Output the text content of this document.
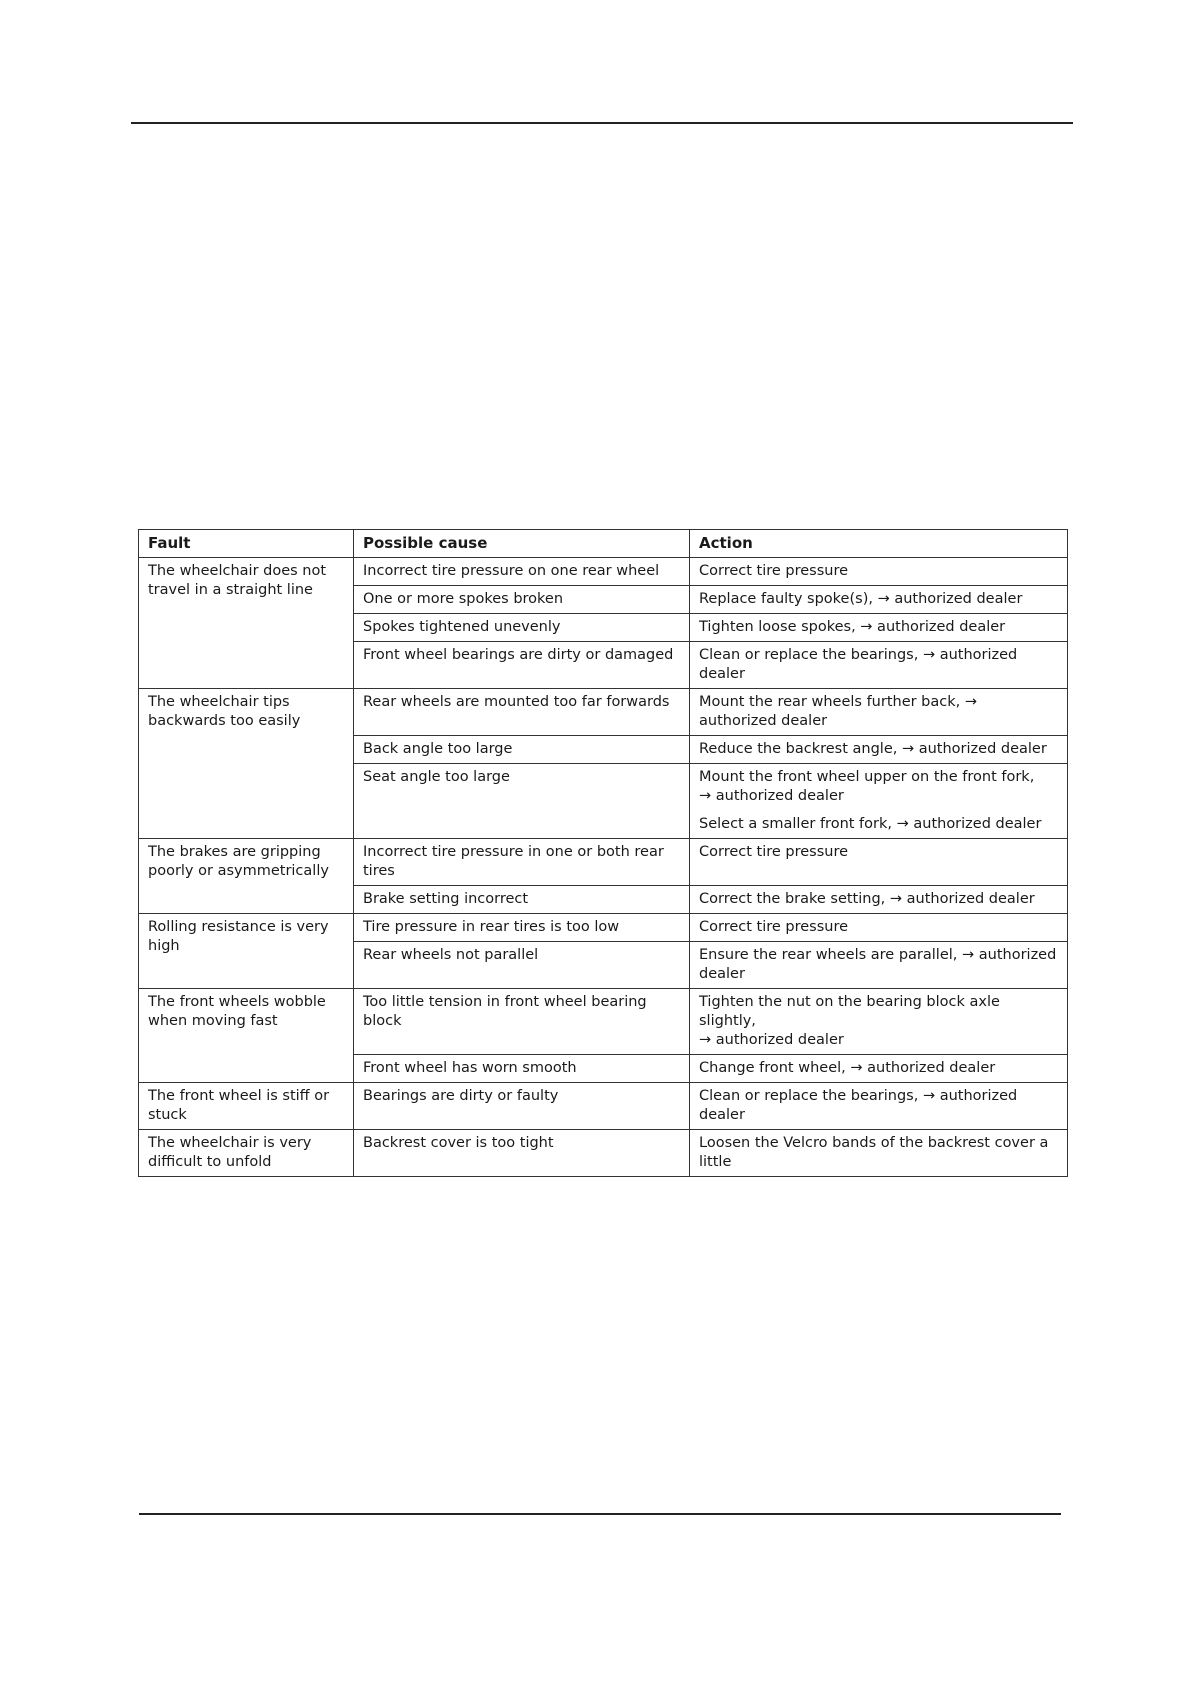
Fault	Possible cause	Action
The wheelchair does not travel in a straight line	Incorrect tire pressure on one rear wheel	Correct tire pressure
	One or more spokes broken	Replace faulty spoke(s), → authorized dealer
	Spokes tightened unevenly	Tighten loose spokes, → authorized dealer
	Front wheel bearings are dirty or damaged	Clean or replace the bearings, → authorized dealer
The wheelchair tips backwards too easily	Rear wheels are mounted too far forwards	Mount the rear wheels further back, → authorized dealer
	Back angle too large	Reduce the backrest angle, → authorized dealer
	Seat angle too large	Mount the front wheel upper on the front fork,
→ authorized dealer
Select a smaller front fork, → authorized dealer

The brakes are gripping poorly or asymmetrically	Incorrect tire pressure in one or both rear tires	Correct tire pressure
	Brake setting incorrect	Correct the brake setting, → authorized dealer
Rolling resistance is very high	Tire pressure in rear tires is too low	Correct tire pressure
	Rear wheels not parallel	Ensure the rear wheels are parallel, → authorized dealer
The front wheels wobble when moving fast	Too little tension in front wheel bearing block	Tighten the nut on the bearing block axle slightly,
→ authorized dealer

	Front wheel has worn smooth	Change front wheel, → authorized dealer
The front wheel is stiff or stuck	Bearings are dirty or faulty	Clean or replace the bearings, → authorized dealer
The wheelchair is very difficult to unfold	Backrest cover is too tight	Loosen the Velcro bands of the backrest cover a little
